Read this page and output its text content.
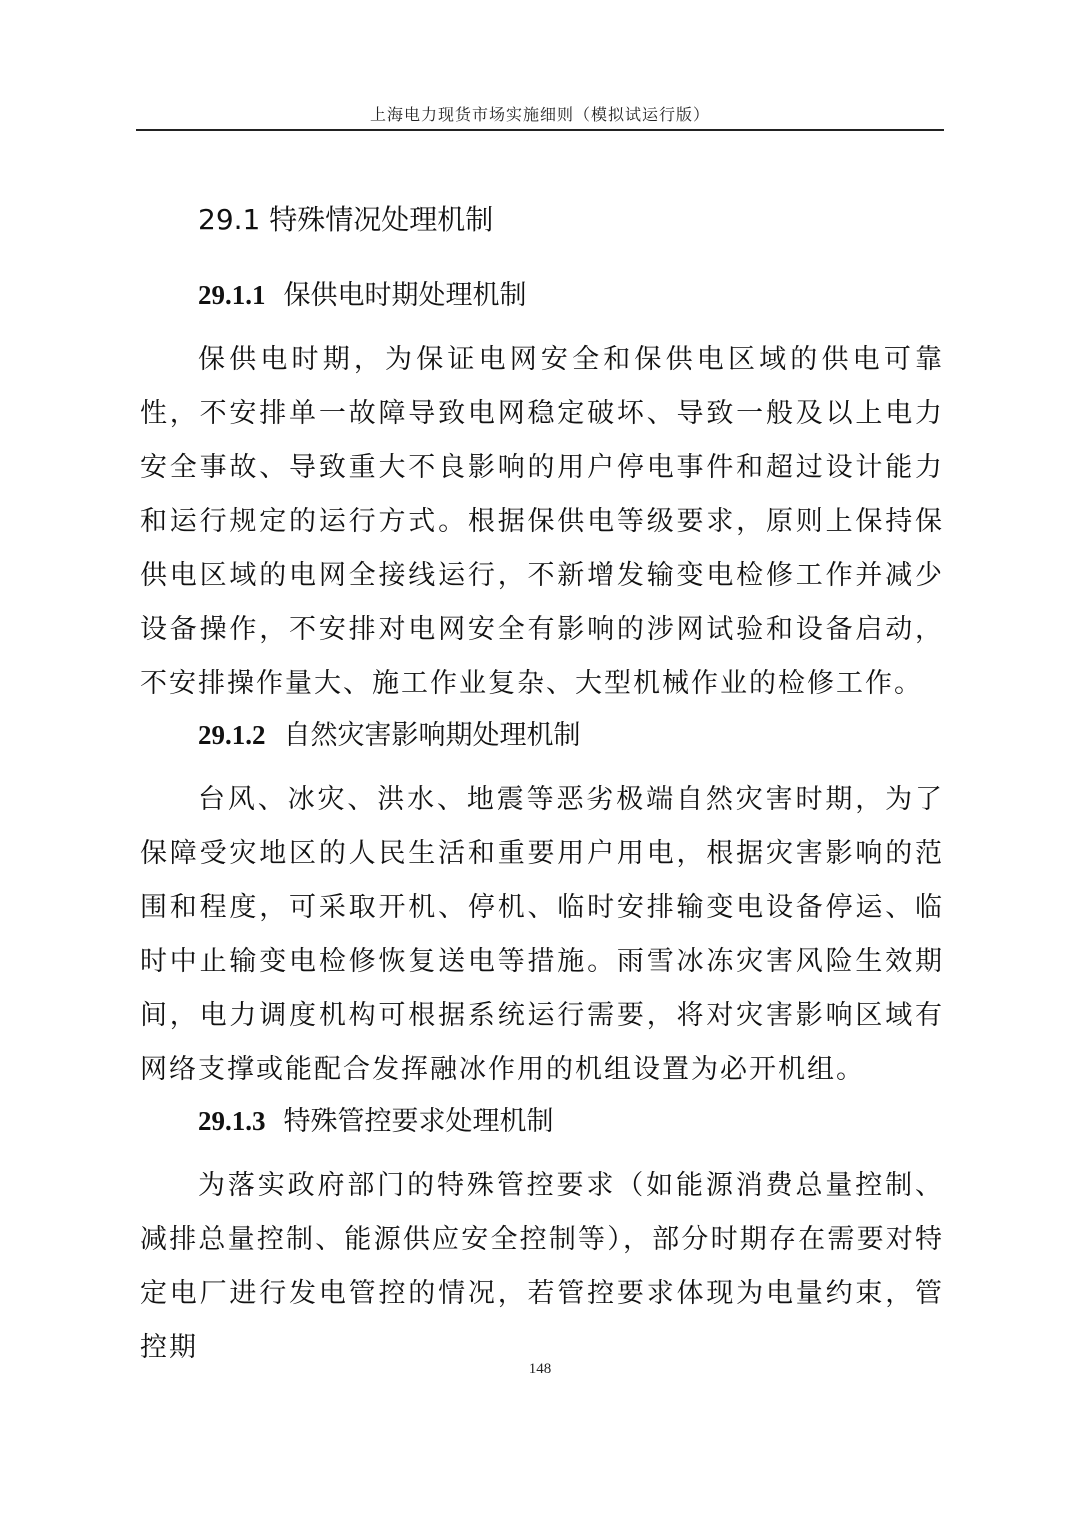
上海电力现货市场实施细则（模拟试运行版）
29.1 特殊情况处理机制
29.1.1 保供电时期处理机制

保供电时期，为保证电网安全和保供电区域的供电可靠性，不安排单一故障导致电网稳定破坏、导致一般及以上电力安全事故、导致重大不良影响的用户停电事件和超过设计能力和运行规定的运行方式。根据保供电等级要求，原则上保持保供电区域的电网全接线运行，不新增发输变电检修工作并减少设备操作，不安排对电网安全有影响的涉网试验和设备启动，不安排操作量大、施工作业复杂、大型机械作业的检修工作。

29.1.2 自然灾害影响期处理机制

台风、冰灾、洪水、地震等恶劣极端自然灾害时期，为了保障受灾地区的人民生活和重要用户用电，根据灾害影响的范围和程度，可采取开机、停机、临时安排输变电设备停运、临时中止输变电检修恢复送电等措施。雨雪冰冻灾害风险生效期间，电力调度机构可根据系统运行需要，将对灾害影响区域有网络支撑或能配合发挥融冰作用的机组设置为必开机组。

29.1.3 特殊管控要求处理机制

为落实政府部门的特殊管控要求（如能源消费总量控制、减排总量控制、能源供应安全控制等），部分时期存在需要对特定电厂进行发电管控的情况，若管控要求体现为电量约束，管控期

148
